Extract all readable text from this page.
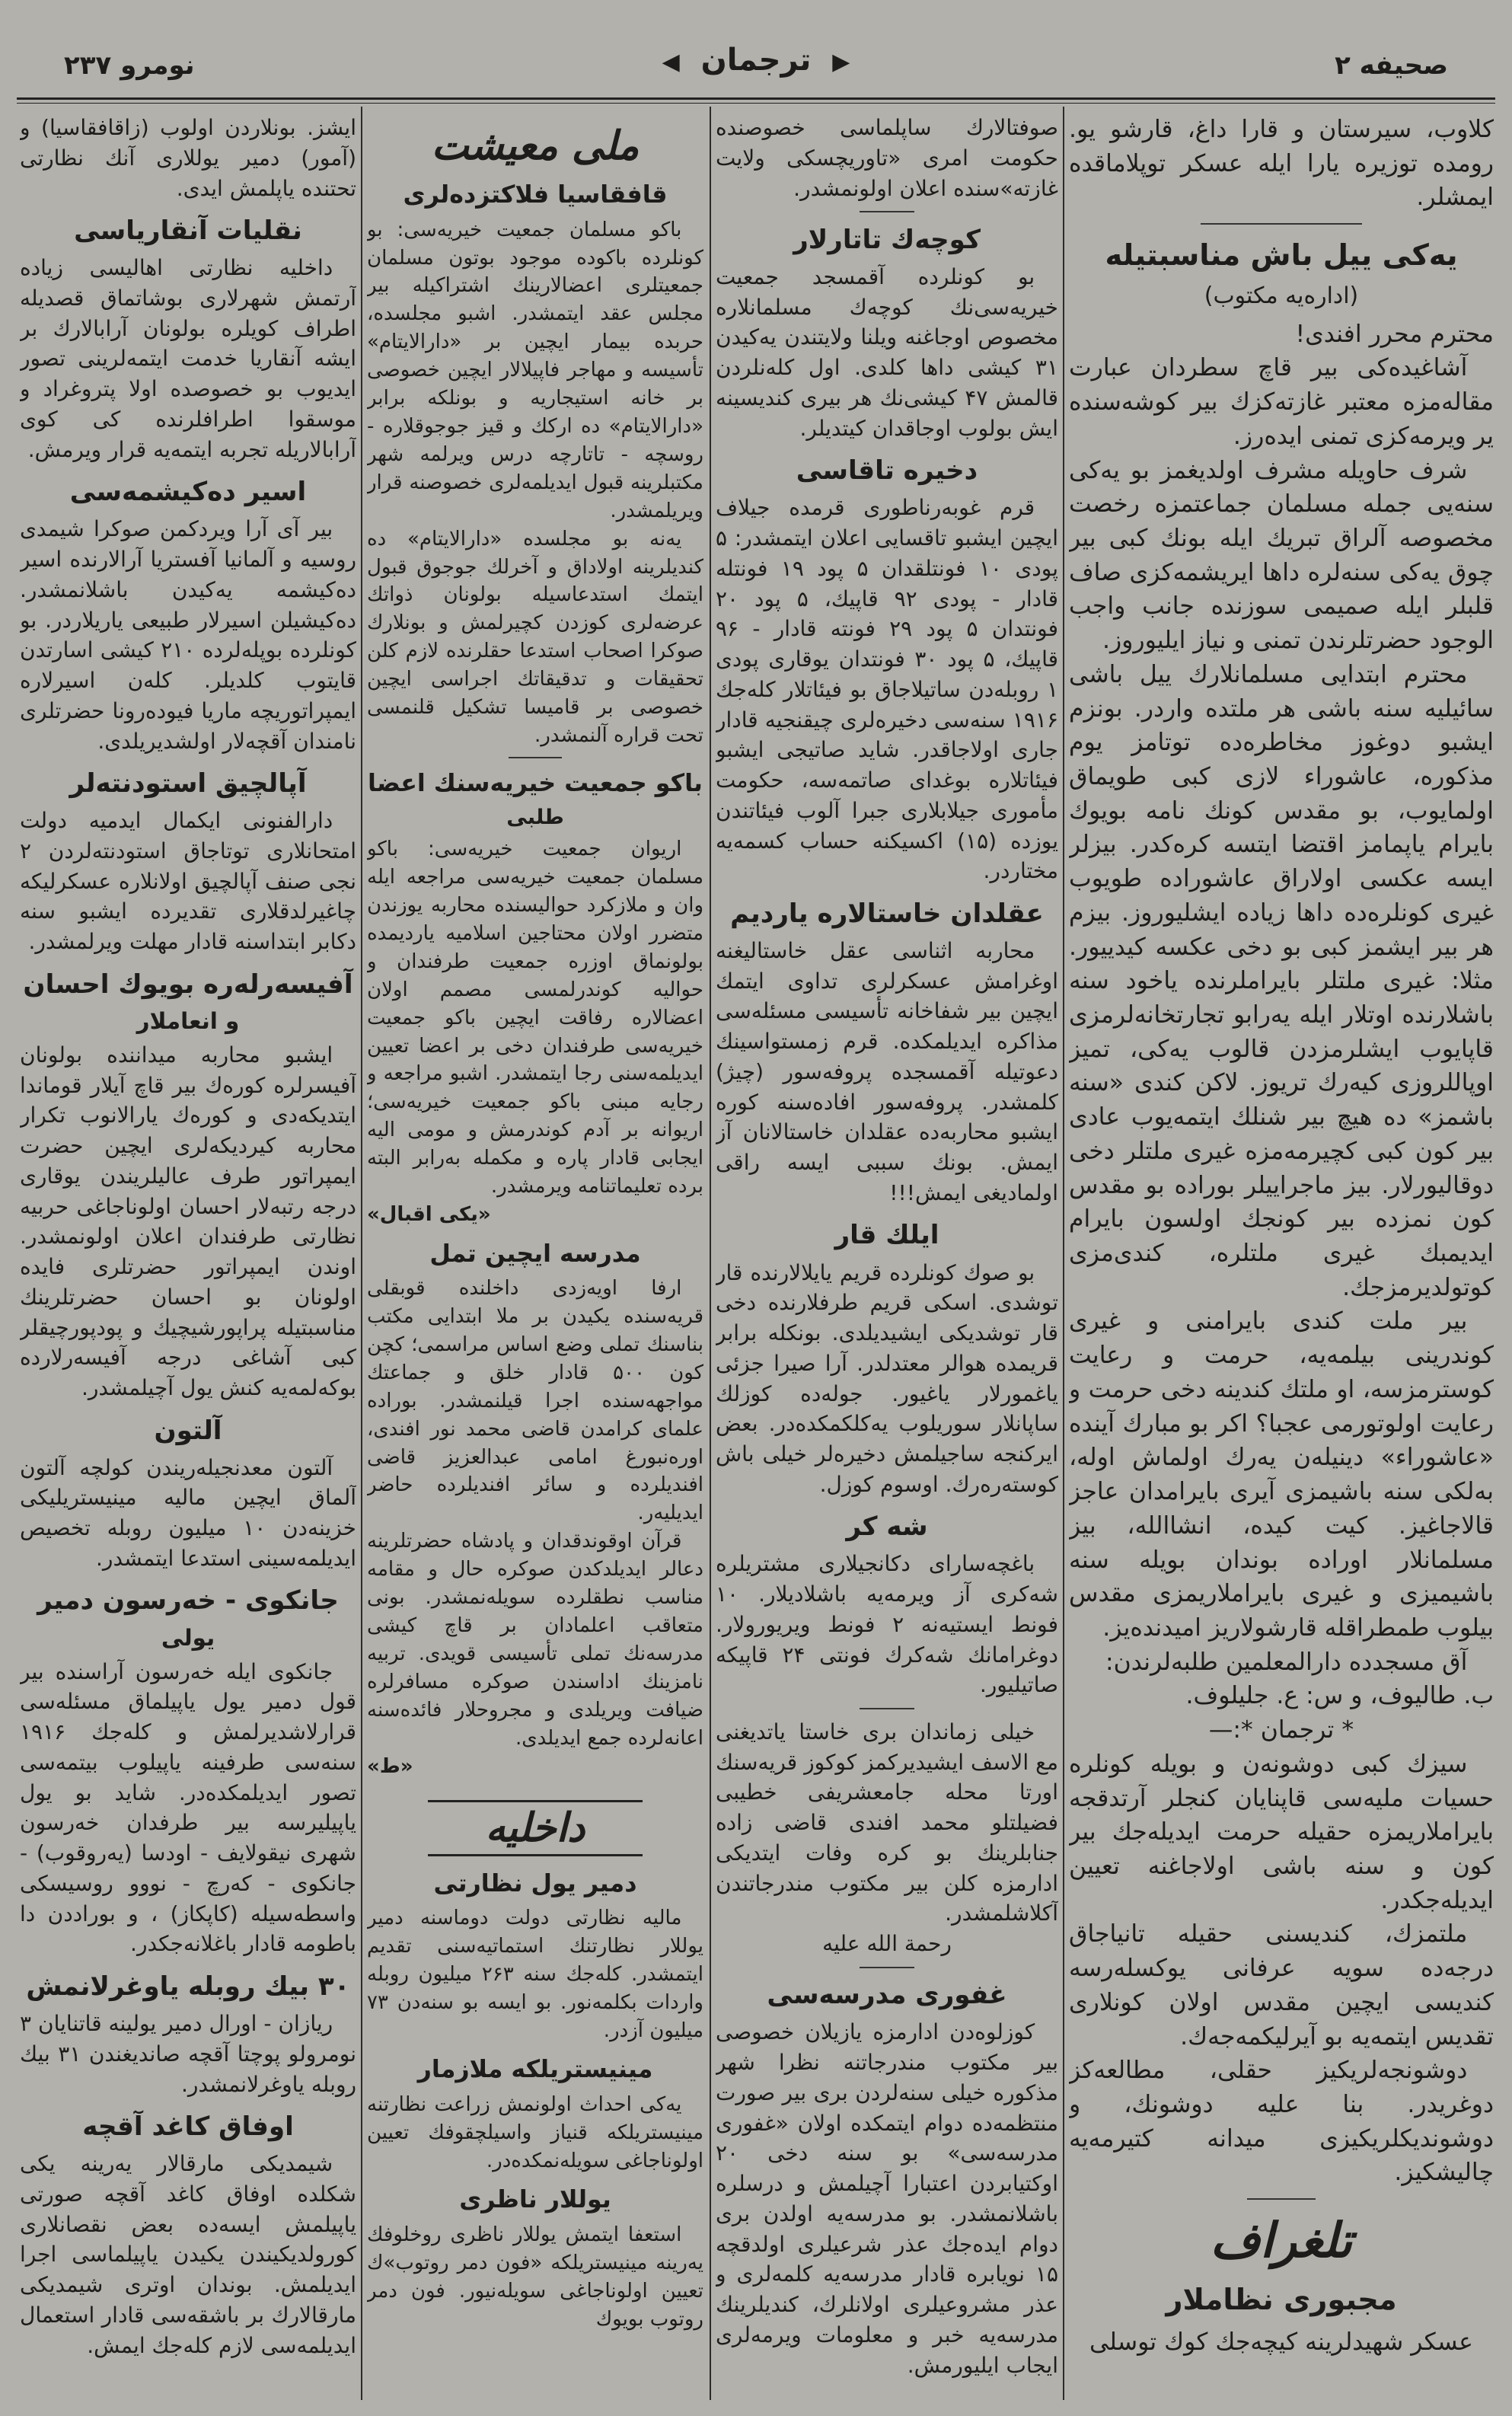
صحیفه ۲
▶ ترجمان ◀
نومرو ۲۳۷

کلاوب، سیرستان و قارا داغ، قارشو یو. رومده توزیره یارا ایله عسکر توپلاماقده ایمشلر.

یه‌کی ییل باش مناسبتیله
(اداره‌یه مکتوب)

محترم محرر افندی!

آشاغیده‌کی بیر قاچ سطردان عبارت مقاله‌مزه معتبر غازته‌کزك بیر کوشه‌سنده یر ویرمه‌کزی تمنی ایده‌رز.

شرف حاویله مشرف اولدیغمز بو یه‌کی سنه‌یی جمله مسلمان جماعتمزه رخصت مخصوصه آلراق تبریك ایله بونك کبی بیر چوق یه‌کی سنه‌لره داها ایریشمه‌کزی صاف قلبلر ایله صمیمی سوزنده جانب واجب الوجود حضرتلرندن تمنی و نیاز ایلیوروز.

محترم ابتدایی مسلمانلارك ییل باشی سائیلیه سنه باشی هر ملتده واردر. بونزم ایشبو دوغوز مخاطره‌ده توتامز یوم مذکوره، عاشوراء لازی کبی طویماق اولمایوب، بو مقدس کونك نامه بویوك بایرام یاپمامز اقتضا ایتسه کره‌کدر. بیزلر ایسه عکسی اولاراق عاشوراده طویوب غیری کونلره‌ده داها زیاده ایشلیوروز. بیزم هر بیر ایشمز کبی بو دخی عکسه کیدییور. مثلا: غیری ملتلر بایراملرنده یاخود سنه باشلارنده اوتلار ایله یه‌رابو تجارتخانه‌لرمزی قاپایوب ایشلرمزدن قالوب یه‌کی، تمیز اوپاللروزی کیه‌رك تریوز. لاکن کندی «سنه باشمز» ده هیچ بیر شنلك ایتمه‌یوب عادی بیر کون کبی کچیرمه‌مزه غیری ملتلر دخی دوقالیورلار. بیز ماجراییلر بوراده بو مقدس کون نمزده بیر کونجك اولسون بایرام ایدیمبك غیری ملتلره، کندی‌مزی کوتولدیرمزجك.

بیر ملت کندی بایرامنی و غیری کوندرینی بیلمه‌یه، حرمت و رعایت کوسترمزسه، او ملتك کندینه دخی حرمت و رعایت اولوتورمی عجبا؟ اکر بو مبارك آینده «عاشوراء» دینیله‌ن یه‌رك اولماش اوله، به‌لکی سنه باشیمزی آیری بایرامدان عاجز قالاجاغیز. کیت کیده، انشاالله، بیز مسلمانلار اوراده بوندان بویله سنه باشیمیزی و غیری بایراملاریمزی مقدس بیلوب طمطراقله قارشولاریز امیدنده‌یز.

آق مسجدده دارالمعلمین طلبه‌لرندن:

ب. طالیوف، و س: ع. جلیلوف.

* ترجمان *:—

سیزك کبی دوشونه‌ن و بویله کونلره حسیات ملیه‌سی قاپنایان کنجلر آرتدقجه بایراملاریمزه حقیله حرمت ایدیله‌جك بیر کون و سنه باشی اولاجاغنه تعیین ایدیله‌جکدر.

ملتمزك، کندیسنی حقیله تانیاجاق درجه‌ده سویه عرفانی یوکسله‌رسه کندیسی ایچین مقدس اولان کونلاری تقدیس ایتمه‌یه بو آیرلیکمه‌جه‌ك.

دوشونجه‌لریکیز حقلی، مطالعه‌کز دوغریدر. بنا علیه دوشونك، و دوشوندیکلریکیزی میدانه کتیرمه‌یه چالیشکیز.

تلغراف
مجبوری نظاملار

عسکر شهیدلرینه کیچه‌جك کوك توسلی

صوفتالارك ساپلماسی خصوصنده حکومت امری «تاوریچسکی ولایت غازته»سنده اعلان اولونمشدر.

کوچه‌ك تاتارلار

بو کونلرده آقمسجد جمعیت خیریه‌سی‌نك کوچه‌ك مسلمانلاره مخصوص اوجاغنه ویلنا ولایتندن یه‌کیدن ۳۱ کیشی داها کلدی. اول کله‌نلردن قالمش ۴۷ کیشی‌نك هر بیری کندیسینه ایش بولوب اوجاقدان کیتدیلر.

دخیره تاقاسی

قرم غوبه‌رناطوری قرمده جیلاف ایچین ایشبو تاقسایی اعلان ایتمشدر: ۵ پودی ۱۰ فونتلقدان ۵ پود ۱۹ فونتله قادار - پودی ۹۲ قاپیك، ۵ پود ۲۰ فونتدان ۵ پود ۲۹ فونته قادار - ۹۶ قاپیك، ۵ پود ۳۰ فونتدان یوقاری پودی ۱ روبله‌دن ساتیلاجاق بو فیئاتلار کله‌جك ۱۹۱۶ سنه‌سی دخیره‌لری چیقنجیه قادار جاری اولاجاقدر. شاید صاتیجی ایشبو فیئاتلاره بوغدای صاتمه‌سه، حکومت مأموری جیلابلاری جبرا آلوب فیئاتندن یوزده (۱۵) اکسیکنه حساب کسمه‌یه مختاردر.

عقلدان خاستالاره یاردیم

محاربه اثناسی عقل خاستالیغنه اوغرامش عسکرلری تداوی ایتمك ایچین بیر شفاخانه تأسیسی مسئله‌سی مذاکره ایدیلمکده. قرم زمستواسینك دعوتیله آقمسجده پروفه‌سور (چیژ) کلمشدر. پروفه‌سور افاده‌سنه کوره ایشبو محاربه‌ده عقلدان خاستالانان آز ایمش. بونك سببی ایسه راقی اولمادیغی ایمش!!!

ایلك قار

بو صوك کونلرده قریم یایلالارنده قار توشدی. اسکی قریم طرفلارنده دخی قار توشدیکی ایشیدیلدی. بونکله برابر قریمده هوالر معتدلدر. آرا صیرا جزئی یاغمورلار یاغیور. جوله‌ده کوزلك ساپانلار سوریلوب یه‌کلکمکده‌در. بعض ایرکنجه ساجیلمش دخیره‌لر خیلی باش کوسته‌ره‌رك. اوسوم کوزل.

شه کر

باغچه‌سارای دکانجیلاری مشتریلره شه‌کری آز ویرمه‌یه باشلادیلار. ۱۰ فونط ایستیه‌نه ۲ فونط ویریورولار. دوغرامانك شه‌کرك فونتی ۲۴ قاپیکه صاتیلیور.

خیلی زماندان بری خاستا یاتدیغنی مع الاسف ایشیدیرکمز کوکوز قریه‌سنك اورتا محله جامعشریفی خطیبی فضیلتلو محمد افندی قاضی زاده جنابلرینك بو کره وفات ایتدیکی ادارمزه کلن بیر مکتوب مندرجاتندن آکلاشلمشدر.

رحمة الله علیه

غفوری مدرسه‌سی

کوزلوه‌دن ادارمزه یازیلان خصوصی بیر مکتوب مندرجاتنه نظرا شهر مذکوره خیلی سنه‌لردن بری بیر صورت منتظمه‌ده دوام ایتمکده اولان «غفوری مدرسه‌سی» بو سنه دخی ۲۰ اوکتیابردن اعتبارا آچیلمش و درسلره باشلانمشدر. بو مدرسه‌یه اولدن بری دوام ایده‌جك عذر شرعیلری اولدقچه ۱۵ نویابره قادار مدرسه‌یه کلمه‌لری و عذر مشروعیلری اولانلرك، کندیلرینك مدرسه‌یه خبر و معلومات ویرمه‌لری ایجاب ایلیورمش.

ملی معیشت
قافقاسیا فلاکتزده‌لری

باکو مسلمان جمعیت خیریه‌سی: بو کونلرده باکوده موجود بوتون مسلمان جمعیتلری اعضالارینك اشتراکیله بیر مجلس عقد ایتمشدر. اشبو مجلسده، حربده بیمار ایچین بر «دارالایتام» تأسیسه و مهاجر فاپیلالار ایچین خصوصی بر خانه استیجاریه و بونلکه برابر «دارالایتام» ده ارکك و قیز جوجوقلاره - روسچه - تاتارچه درس ویرلمه شهر مکتبلرینه قبول ایدیلمه‌لری خصوصنه قرار ویریلمشدر.

یه‌نه بو مجلسده «دارالایتام» ده کندیلرینه اولاداق و آخرلك جوجوق قبول ایتمك استدعاسیله بولونان ذواتك عرضه‌لری کوزدن کچیرلمش و بونلارك صوکرا اصحاب استدعا حقلرنده لازم کلن تحقیقات و تدقیقاتك اجراسی ایچین خصوصی بر قامیسا تشکیل قلنمسی تحت قراره آلنمشدر.

باکو جمعیت خیریه‌سنك اعضا
طلبی

اریوان جمعیت خیریه‌سی: باکو مسلمان جمعیت خیریه‌سی مراجعه ایله وان و ملازکرد حوالیسنده محاربه یوزندن متضرر اولان محتاجین اسلامیه یاردیمده بولونماق اوزره جمعیت طرفندان و حوالیه کوندرلمسی مصمم اولان اعضالاره رفاقت ایچین باکو جمعیت خیریه‌سی طرفندان دخی بر اعضا تعیین ایدیلمه‌سنی رجا ایتمشدر. اشبو مراجعه و رجایه مبنی باکو جمعیت خیریه‌سی؛ اریوانه بر آدم کوندرمش و مومی الیه ایجابی قادار پاره و مکمله به‌رابر البته برده تعلیماتنامه ویرمشدر.

«یکی اقبال»

مدرسه ایچین تمل

ارفا اویه‌زدی داخلنده قوبقلی قریه‌سنده یکیدن بر ملا ابتدایی مکتب بناسنك تملی وضع اساس مراسمی؛ کچن کون ۵۰۰ قادار خلق و جماعتك مواجهه‌سنده اجرا قیلنمشدر. بوراده علمای کرامدن قاضی محمد نور افندی، اوره‌نبورغ امامی عبدالعزیز قاضی افندیلرده و سائر افندیلرده حاضر ایدیلیه‌ر.

قرآن اوقوندقدان و پادشاه حضرتلرینه دعالر ایدیلدکدن صوکره حال و مقامه مناسب نطقلرده سویله‌نمشدر. بونی متعاقب اعلمادان بر قاچ کیشی مدرسه‌نك تملی تأسیسی قویدی. تربیه نامزینك اداسندن صوکره مسافرلره ضیافت ویریلدی و مجروحلار فائده‌سنه اعانه‌لرده جمع ایدیلدی.

«ط»

داخلیه
دمیر یول نظارتی

مالیه نظارتی دولت دوماسنه دمیر یوللار نظارتنك استماتیه‌سنی تقدیم ایتمشدر. کله‌جك سنه ۲۶۳ میلیون روبله واردات بکلمه‌نور. بو ایسه بو سنه‌دن ۷۳ میلیون آزدر.

مینیستریلکه ملازمار

یه‌کی احداث اولونمش زراعت نظارتنه مینیستریلکه قنیاز واسیلچقوفك تعیین اولوناجاغی سویله‌نمکده‌در.

یوللار ناظری

استعفا ایتمش یوللار ناظری روخلوفك یه‌رینه مینیستریلکه «فون دمر روتوب»ك تعیین اولوناجاغی سویله‌نیور. فون دمر روتوب بویوك

ایشز. بونلاردن اولوب (زاقافقاسیا) و (آمور) دمیر یوللاری آنك نظارتی تحتنده یاپلمش ایدی.

نقلیات آنقاریاسی

داخلیه نظارتی اهالیسی زیاده آرتمش شهرلاری بوشاتماق قصدیله اطراف کویلره بولونان آرابالارك بر ایشه آنقاریا خدمت ایتمه‌لرینی تصور ایدیوب بو خصوصده اولا پتروغراد و موسقوا اطرافلرنده کی کوی آرابالاریله تجربه ایتمه‌یه قرار ویرمش.

اسیر ده‌کیشمه‌سی

بیر آی آرا ویردکمن صوکرا شیمدی روسیه و آلمانیا آفستریا آرالارنده اسیر ده‌کیشمه یه‌کیدن باشلانمشدر. ده‌کیشیلن اسیرلار طبیعی یاریلاردر. بو کونلرده بوپله‌لرده ۲۱۰ کیشی اسارتدن قایتوب کلدیلر. کله‌ن اسیرلاره ایمپراتوریچه ماریا فیوده‌رونا حضرتلری نامندان آقچه‌لار اولشدیریلدی.

آپالچیق استودنته‌لر

دارالفنونی ایکمال ایدمیه دولت امتحانلاری توتاجاق استودنته‌لردن ۲ نجی صنف آپالچیق اولانلاره عسکرلیکه چاغیرلدقلاری تقدیرده ایشبو سنه دکابر ابتداسنه قادار مهلت ویرلمشدر.

آفیسه‌رله‌ره بویوك احسان
و انعاملار

ایشبو محاربه میداننده بولونان آفیسرلره کوره‌ك بیر قاچ آیلار قوماندا ایتدیکه‌دی و کوره‌ك یارالانوب تکرار محاربه کیردیکه‌لری ایچین حضرت ایمپراتور طرف عالیلریندن یوقاری درجه رتبه‌لار احسان اولوناجاغی حربیه نظارتی طرفندان اعلان اولونمشدر. اوندن ایمپراتور حضرتلری فایده اولونان بو احسان حضرتلرینك مناسبتیله پراپورشیچیك و پودپورچیقلر کبی آشاغی درجه آفیسه‌رلارده بوکه‌لمه‌یه کنش یول آچیلمشدر.

آلتون

آلتون معدنجیله‌ریندن کولچه آلتون آلماق ایچین مالیه مینیستریلیکی خزینه‌دن ۱۰ میلیون روبله تخصیص ایدیلمه‌سینی استدعا ایتمشدر.

جانکوی - خه‌رسون دمیر
یولی

جانکوی ایله خه‌رسون آراسنده بیر قول دمیر یول یاپیلماق مسئله‌سی قرارلاشدیرلمش و کله‌جك ۱۹۱۶ سنه‌سی طرفینه یاپیلوب بیتمه‌سی تصور ایدیلمکده‌در. شاید بو یول یاپیلیرسه بیر طرفدان خه‌رسون شهری نیقولایف - اودسا (یه‌روقوب) - جانکوی - که‌رچ - نووو روسیسکی واسطه‌سیله (کاپکاز) ، و بوراددن دا باطومه قادار باغلانه‌جکدر.

۳۰ بیك روبله یاوغرلانمش

ریازان - اورال دمیر یولینه قاتنایان ۳ نومرولو پوچتا آقچه صاندیغندن ۳۱ بیك روبله یاوغرلانمشدر.

اوفاق کاغد آقچه

شیمدیکی مارقالار یه‌رینه یکی شکلده اوفاق کاغد آقچه صورتی یاپیلمش ایسه‌ده بعض نقصانلاری کورولدیکیندن یکیدن یاپیلماسی اجرا ایدیلمش. بوندان اوتری شیمدیکی مارقالارك بر باشقه‌سی قادار استعمال ایدیلمه‌سی لازم کله‌جك ایمش.
